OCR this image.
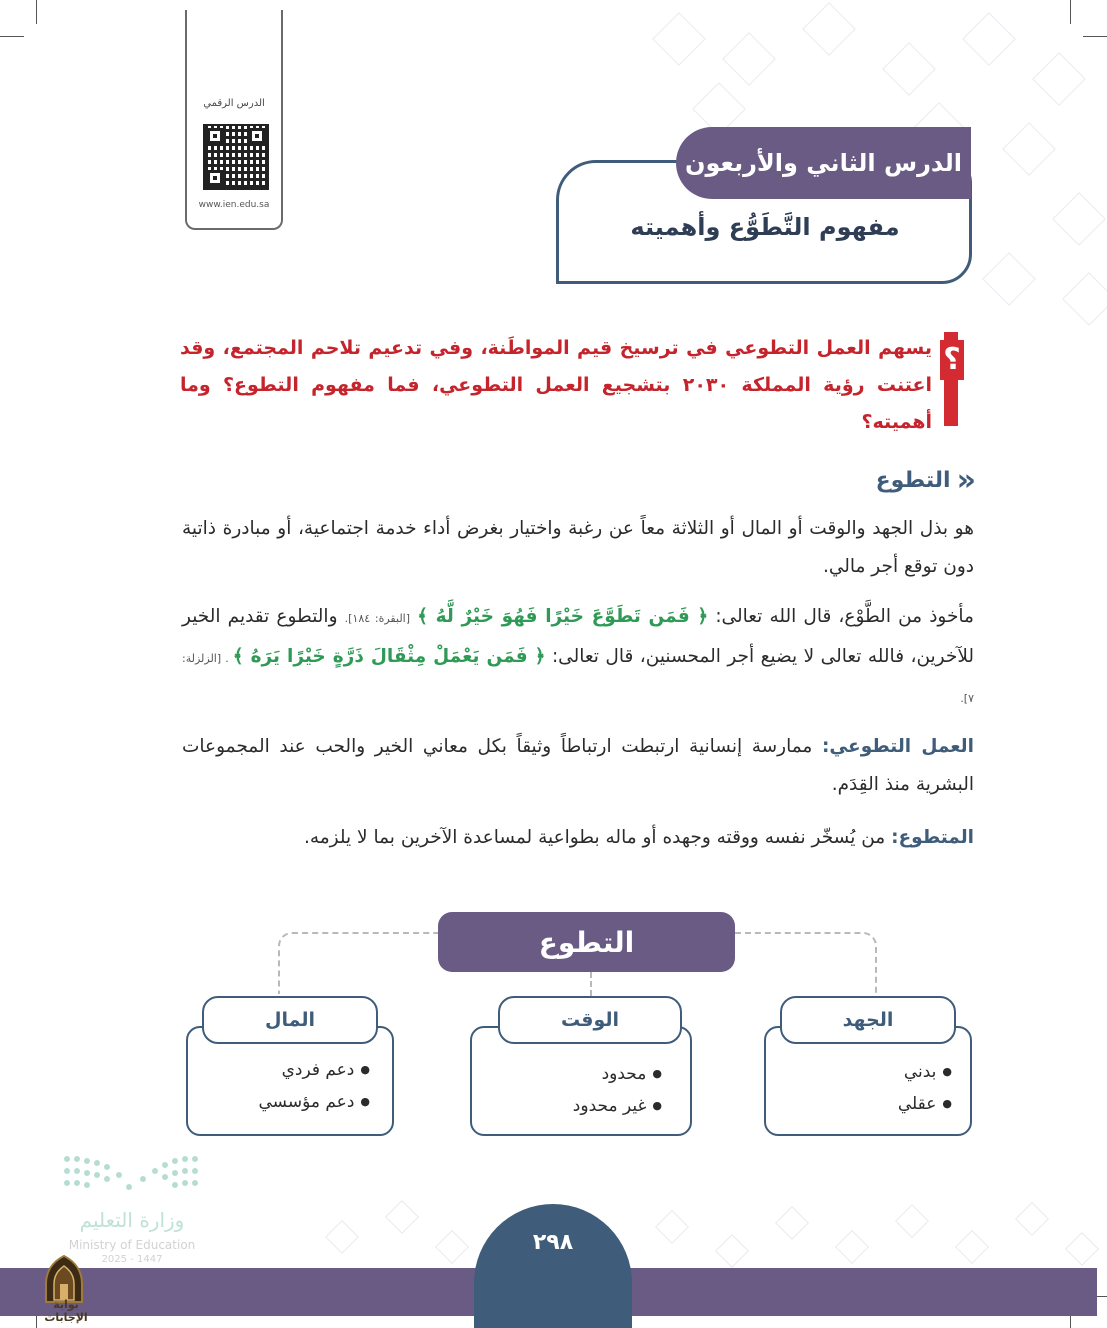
الدرس الرقمي
www.ien.edu.sa
الدرس الثاني والأربعون
مفهوم التَّطَوُّع وأهميته
؟
يسهم العمل التطوعي في ترسيخ قيم المواطَنة، وفي تدعيم تلاحم المجتمع، وقد اعتنت رؤية المملكة ٢٠٣٠ بتشجيع العمل التطوعي، فما مفهوم التطوع؟ وما أهميته؟
«
التطوع
هو بذل الجهد والوقت أو المال أو الثلاثة معاً عن رغبة واختيار بغرض أداء خدمة اجتماعية، أو مبادرة ذاتية دون توقع أجر مالي.
مأخوذ من الطَّوْع، قال الله تعالى: ﴿ فَمَن تَطَوَّعَ خَيْرًا فَهُوَ خَيْرٌ لَّهُ ﴾ [البقرة: ١٨٤]. والتطوع تقديم الخير للآخرين، فالله تعالى لا يضيع أجر المحسنين، قال تعالى: ﴿ فَمَن يَعْمَلْ مِثْقَالَ ذَرَّةٍ خَيْرًا يَرَهُ ﴾ . [الزلزلة: ٧].
العمل التطوعي: ممارسة إنسانية ارتبطت ارتباطاً وثيقاً بكل معاني الخير والحب عند المجموعات البشرية منذ القِدَم.
المتطوع: من يُسخّر نفسه ووقته وجهده أو ماله بطواعية لمساعدة الآخرين بما لا يلزمه.
التطوع
الجهد
● بدني
● عقلي
الوقت
● محدود
● غير محدود
المال
● دعم فردي
● دعم مؤسسي
وزارة التعليم
Ministry of Education
2025 - 1447
٢٩٨
بوابة الإجابات
